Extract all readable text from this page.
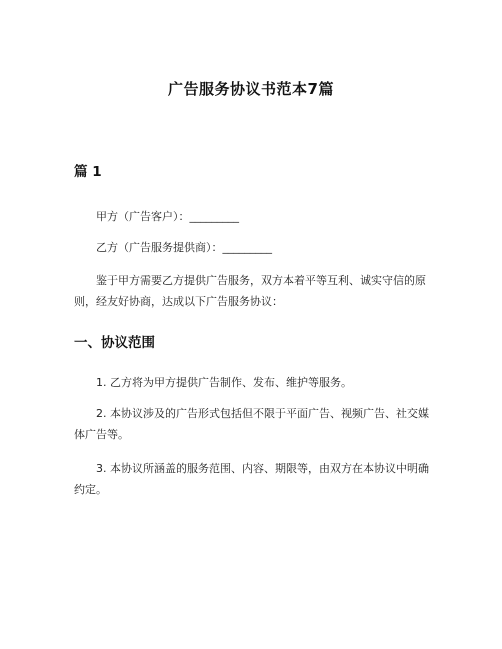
广告服务协议书范本7篇
篇 1

甲方（广告客户）：_________

乙方（广告服务提供商）：_________

鉴于甲方需要乙方提供广告服务，双方本着平等互利、诚实守信的原则，经友好协商，达成以下广告服务协议：

一、协议范围

1. 乙方将为甲方提供广告制作、发布、维护等服务。

2. 本协议涉及的广告形式包括但不限于平面广告、视频广告、社交媒体广告等。

3. 本协议所涵盖的服务范围、内容、期限等，由双方在本协议中明确约定。
